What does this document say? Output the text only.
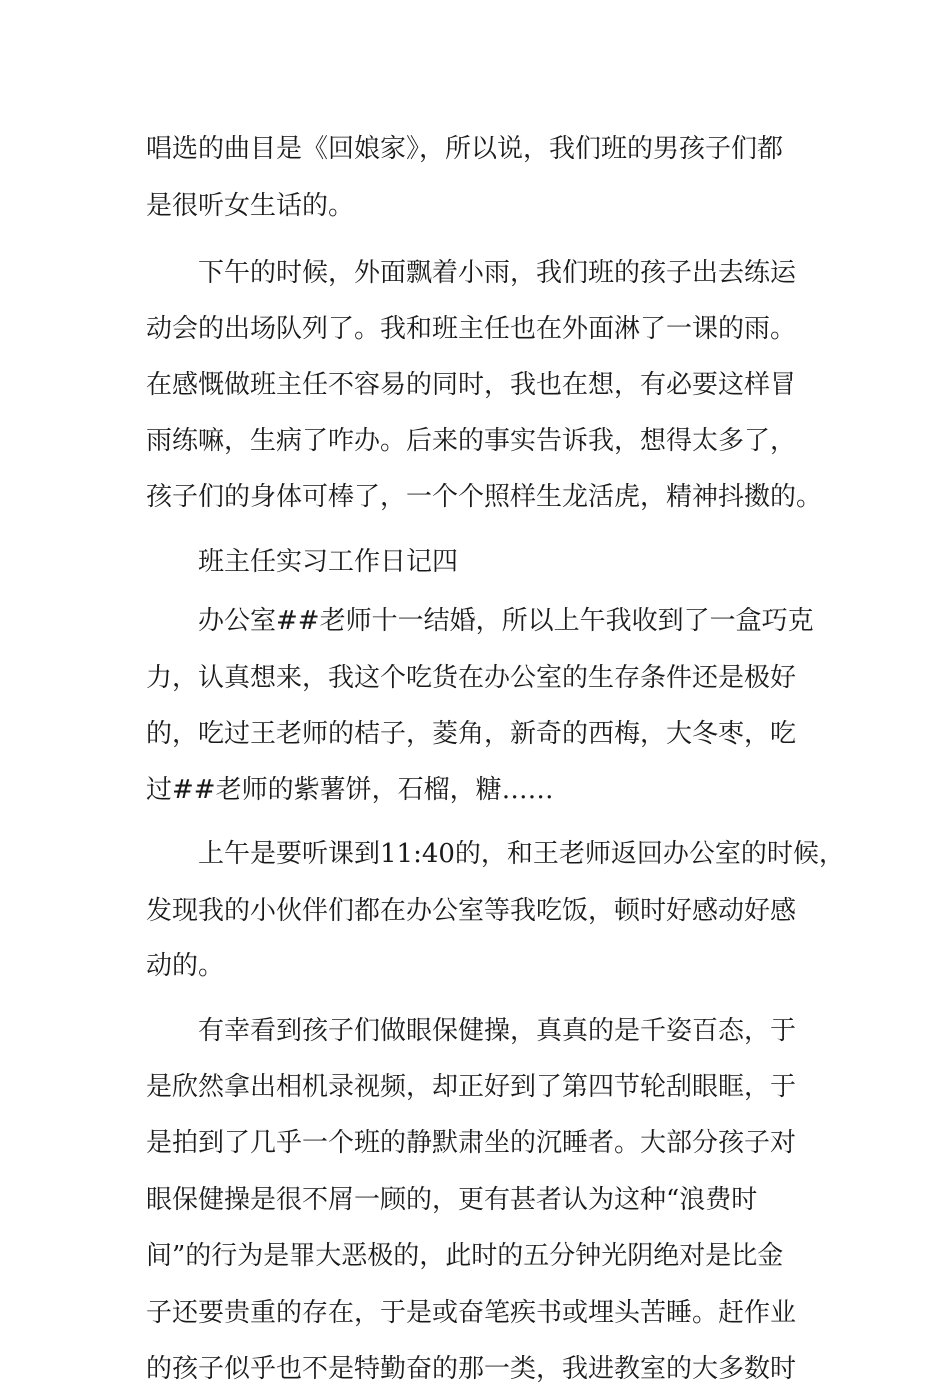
唱选的曲目是《回娘家》，所以说，我们班的男孩子们都
是很听女生话的。
下午的时候，外面飘着小雨，我们班的孩子出去练运
动会的出场队列了。我和班主任也在外面淋了一课的雨。
在感慨做班主任不容易的同时，我也在想，有必要这样冒
雨练嘛，生病了咋办。后来的事实告诉我，想得太多了，
孩子们的身体可棒了，一个个照样生龙活虎，精神抖擞的。
班主任实习工作日记四
办公室##老师十一结婚，所以上午我收到了一盒巧克
力，认真想来，我这个吃货在办公室的生存条件还是极好
的，吃过王老师的桔子，菱角，新奇的西梅，大冬枣，吃
过##老师的紫薯饼，石榴，糖……
上午是要听课到11:40的，和王老师返回办公室的时候，
发现我的小伙伴们都在办公室等我吃饭，顿时好感动好感
动的。
有幸看到孩子们做眼保健操，真真的是千姿百态，于
是欣然拿出相机录视频，却正好到了第四节轮刮眼眶，于
是拍到了几乎一个班的静默肃坐的沉睡者。大部分孩子对
眼保健操是很不屑一顾的，更有甚者认为这种“浪费时
间”的行为是罪大恶极的，此时的五分钟光阴绝对是比金
子还要贵重的存在，于是或奋笔疾书或埋头苦睡。赶作业
的孩子似乎也不是特勤奋的那一类，我进教室的大多数时
